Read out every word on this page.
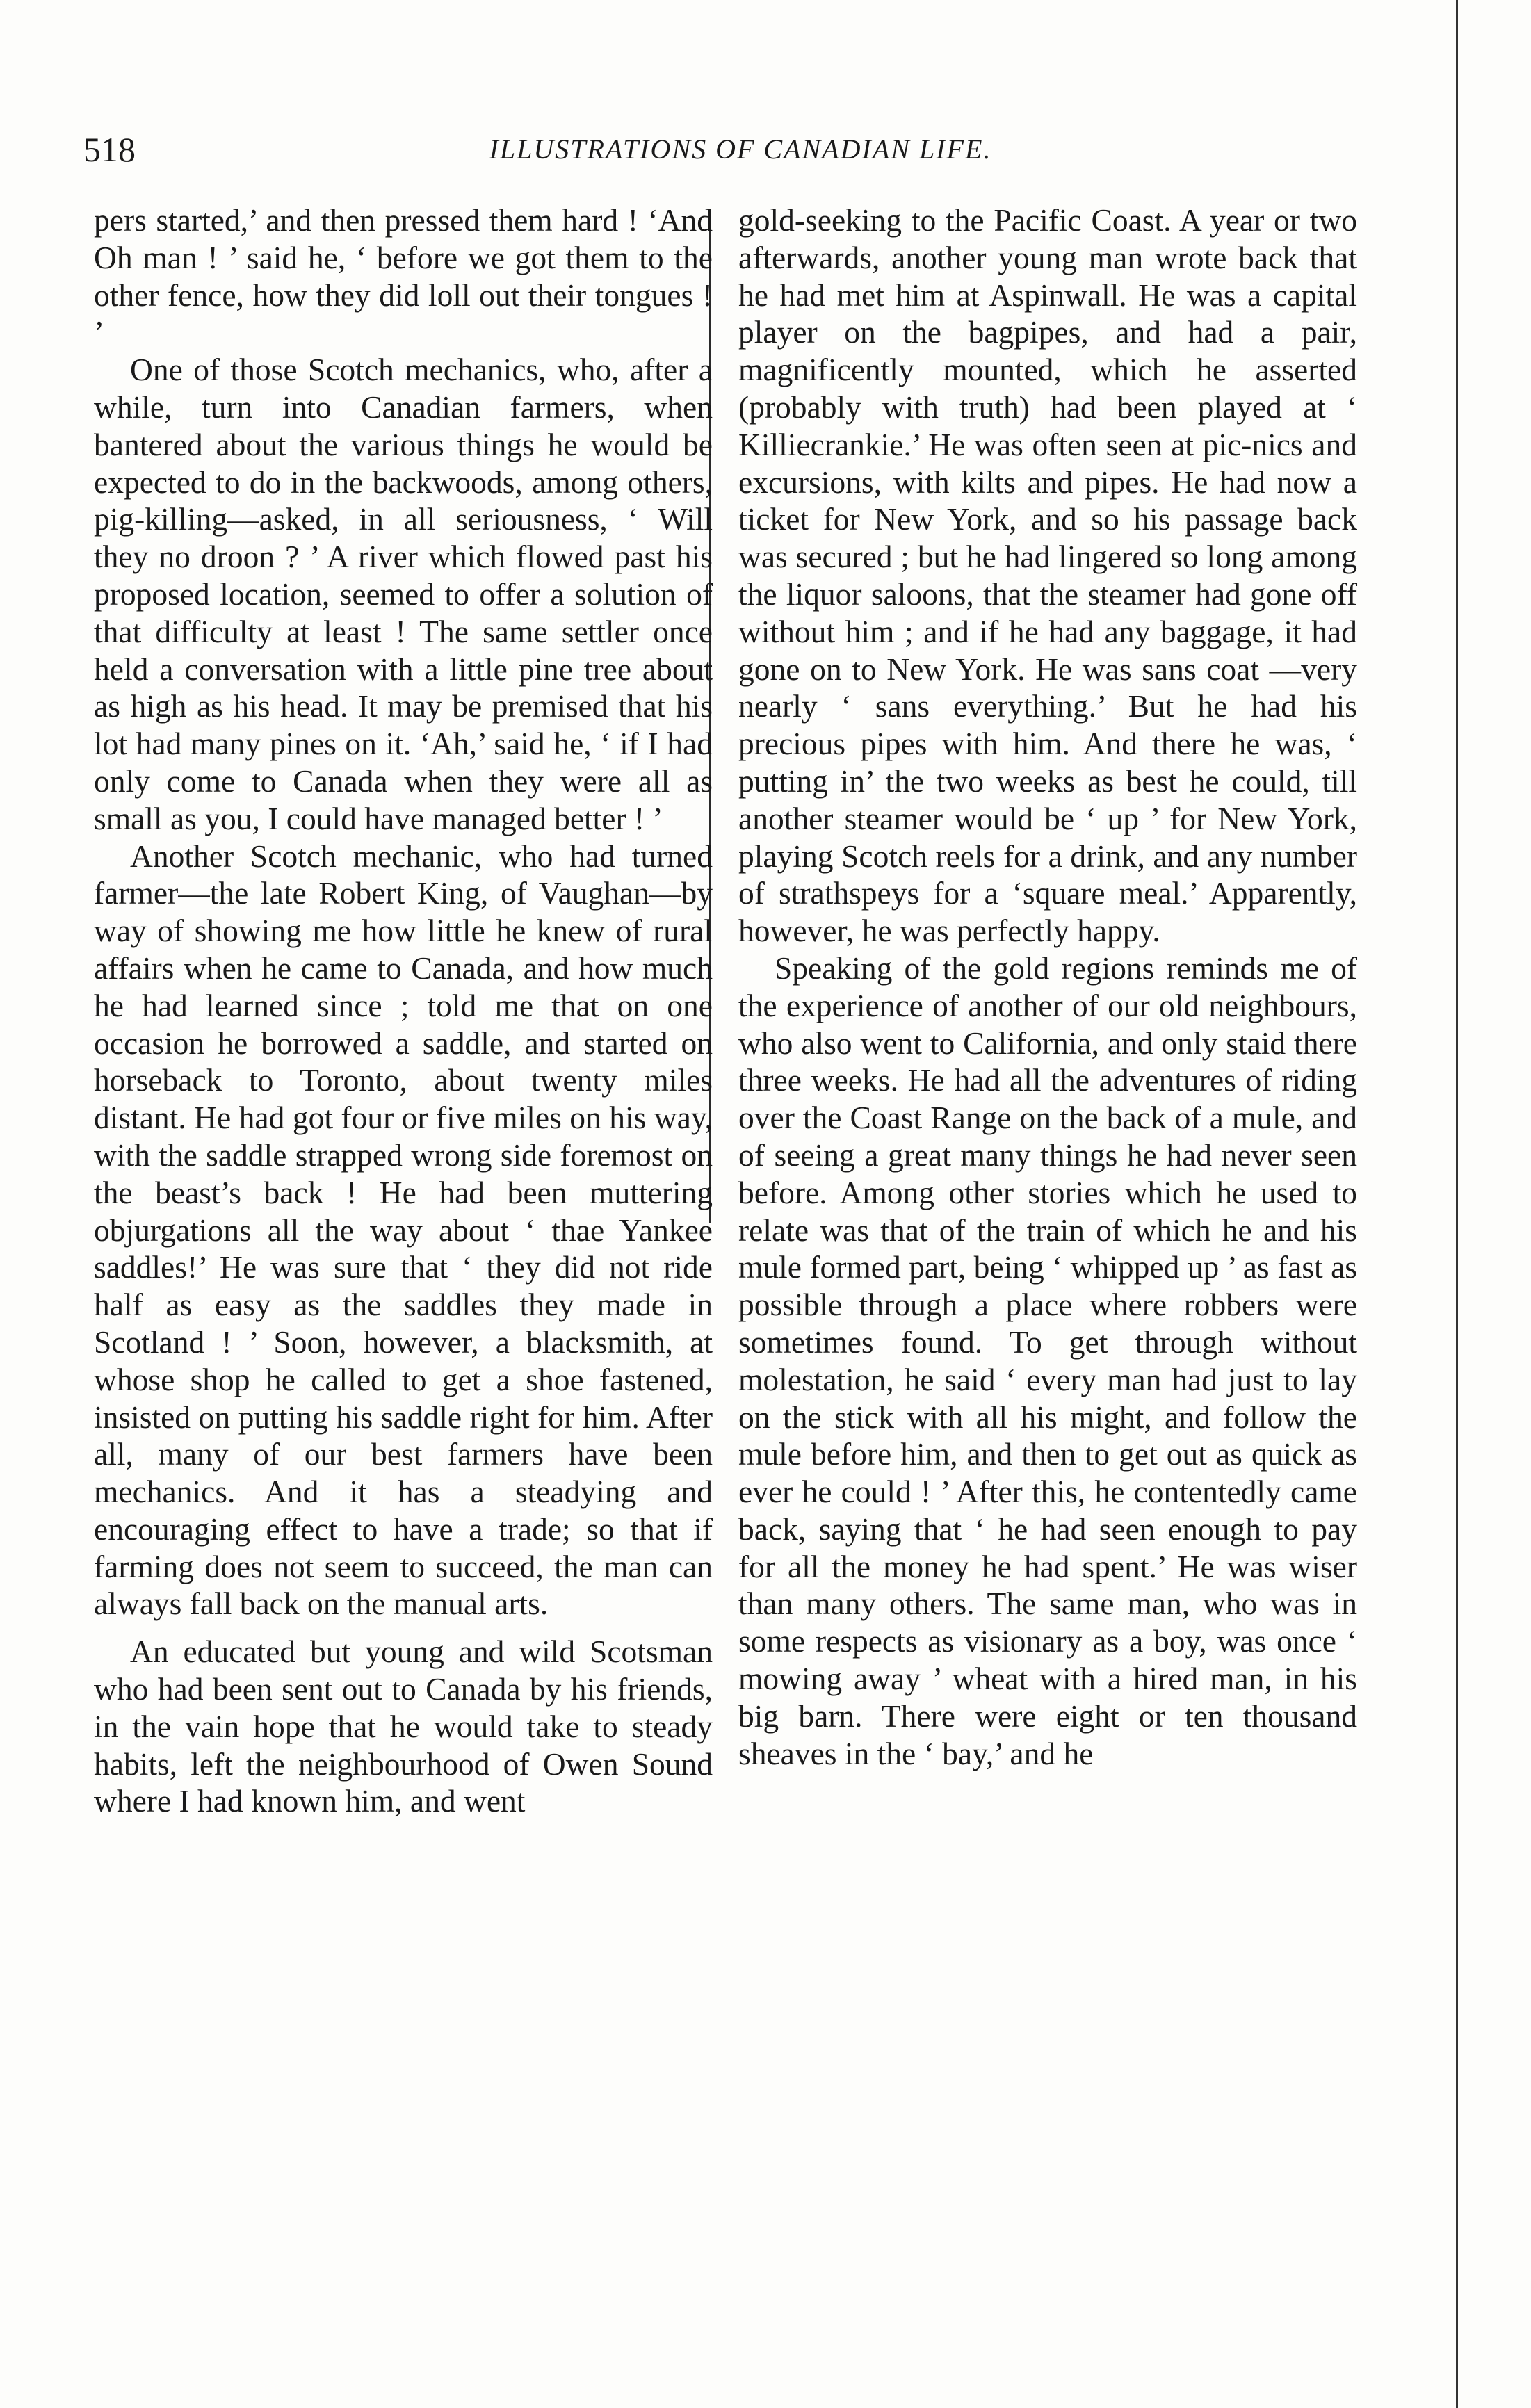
518	ILLUSTRATIONS OF CANADIAN LIFE.

pers started,’ and then pressed them hard ! ‘And Oh man ! ’ said he, ‘ before we got them to the other fence, how they did loll out their tongues ! ’

One of those Scotch mechanics, who, after a while, turn into Canadian farmers, when bantered about the various things he would be expected to do in the backwoods, among others, pig-killing—asked, in all seriousness, ‘ Will they no droon ? ’ A river which flowed past his proposed location, seemed to offer a solution of that difficulty at least ! The same settler once held a conversation with a little pine tree about as high as his head. It may be premised that his lot had many pines on it. ‘Ah,’ said he, ‘ if I had only come to Canada when they were all as small as you, I could have managed better ! ’

Another Scotch mechanic, who had turned farmer—the late Robert King, of Vaughan—by way of showing me how little he knew of rural affairs when he came to Canada, and how much he had learned since ; told me that on one occasion he borrowed a saddle, and started on horseback to Toronto, about twenty miles distant. He had got four or five miles on his way, with the saddle strapped wrong side foremost on the beast’s back ! He had been muttering objurgations all the way about ‘ thae Yankee saddles!’ He was sure that ‘ they did not ride half as easy as the saddles they made in Scotland ! ’ Soon, however, a blacksmith, at whose shop he called to get a shoe fastened, insisted on putting his saddle right for him. After all, many of our best farmers have been mechanics. And it has a steadying and encouraging effect to have a trade; so that if farming does not seem to succeed, the man can always fall back on the manual arts.

An educated but young and wild Scotsman who had been sent out to Canada by his friends, in the vain hope that he would take to steady habits, left the neighbourhood of Owen Sound where I had known him, and went

gold-seeking to the Pacific Coast. A year or two afterwards, another young man wrote back that he had met him at Aspinwall. He was a capital player on the bagpipes, and had a pair, magnificently mounted, which he asserted (probably with truth) had been played at ‘ Killiecrankie.’ He was often seen at pic-nics and excursions, with kilts and pipes. He had now a ticket for New York, and so his passage back was secured ; but he had lingered so long among the liquor saloons, that the steamer had gone off without him ; and if he had any baggage, it had gone on to New York. He was sans coat —very nearly ‘ sans everything.’ But he had his precious pipes with him. And there he was, ‘ putting in’ the two weeks as best he could, till another steamer would be ‘ up ’ for New York, playing Scotch reels for a drink, and any number of strathspeys for a ‘square meal.’ Apparently, however, he was perfectly happy.

Speaking of the gold regions reminds me of the experience of another of our old neighbours, who also went to California, and only staid there three weeks. He had all the adventures of riding over the Coast Range on the back of a mule, and of seeing a great many things he had never seen before. Among other stories which he used to relate was that of the train of which he and his mule formed part, being ‘ whipped up ’ as fast as possible through a place where robbers were sometimes found. To get through without molestation, he said ‘ every man had just to lay on the stick with all his might, and follow the mule before him, and then to get out as quick as ever he could ! ’ After this, he contentedly came back, saying that ‘ he had seen enough to pay for all the money he had spent.’ He was wiser than many others. The same man, who was in some respects as visionary as a boy, was once ‘ mowing away ’ wheat with a hired man, in his big barn. There were eight or ten thousand sheaves in the ‘ bay,’ and he
